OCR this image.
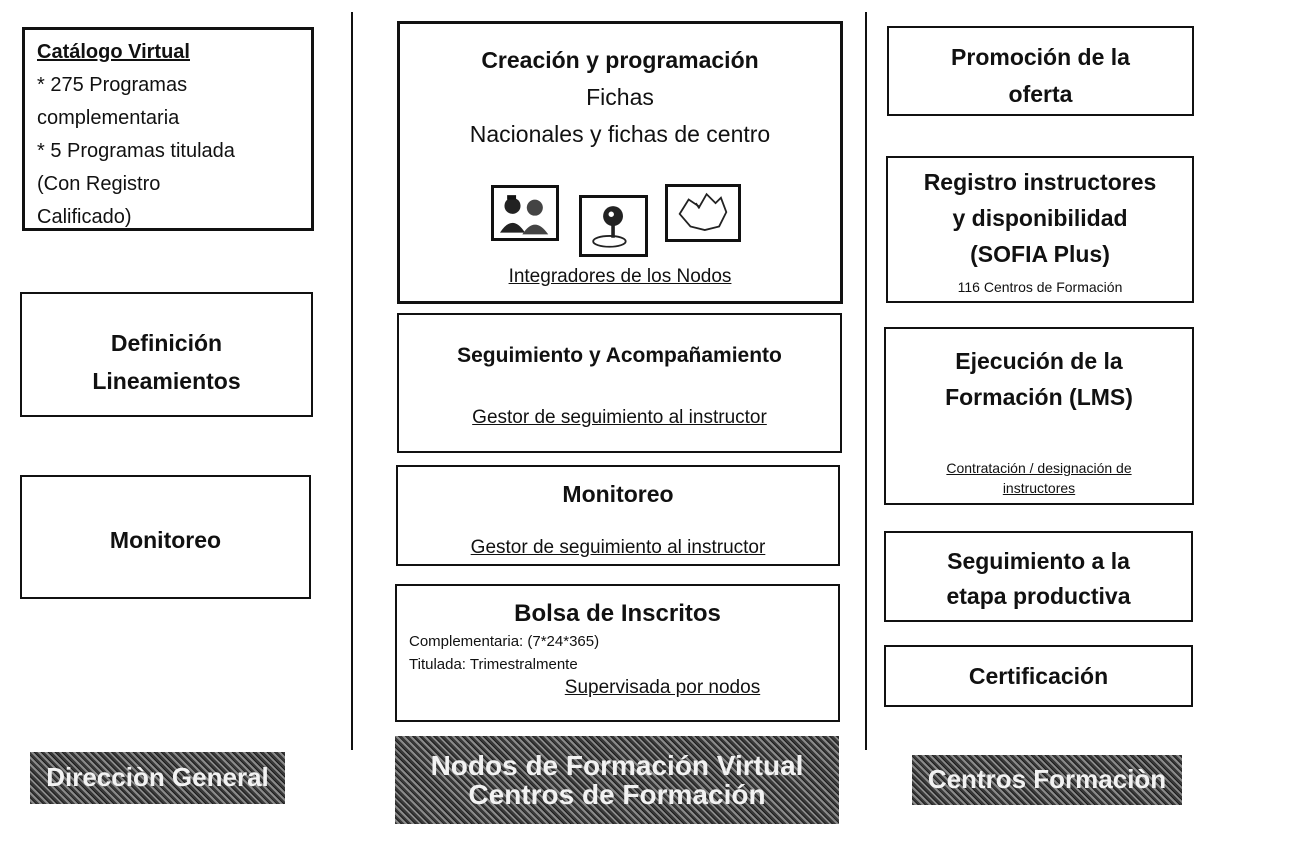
Catálogo Virtual
* 275 Programas
complementaria
* 5 Programas titulada
(Con Registro
Calificado)
Definición
Lineamientos
Monitoreo
Direcciòn General
Creación y programación
Fichas
Nacionales y fichas de centro
Integradores de los Nodos
Seguimiento y Acompañamiento
Gestor de seguimiento al instructor
Monitoreo
Gestor de seguimiento al instructor
Bolsa de Inscritos
Complementaria: (7*24*365)
Titulada: Trimestralmente
Supervisada por nodos
Nodos de Formación Virtual
Centros de Formación
Promoción de la
oferta
Registro instructores
y disponibilidad
(SOFIA Plus)
116 Centros de Formación
Ejecución de la
Formación (LMS)
Contratación / designación de
instructores
Seguimiento a la
etapa productiva
Certificación
Centros Formaciòn
